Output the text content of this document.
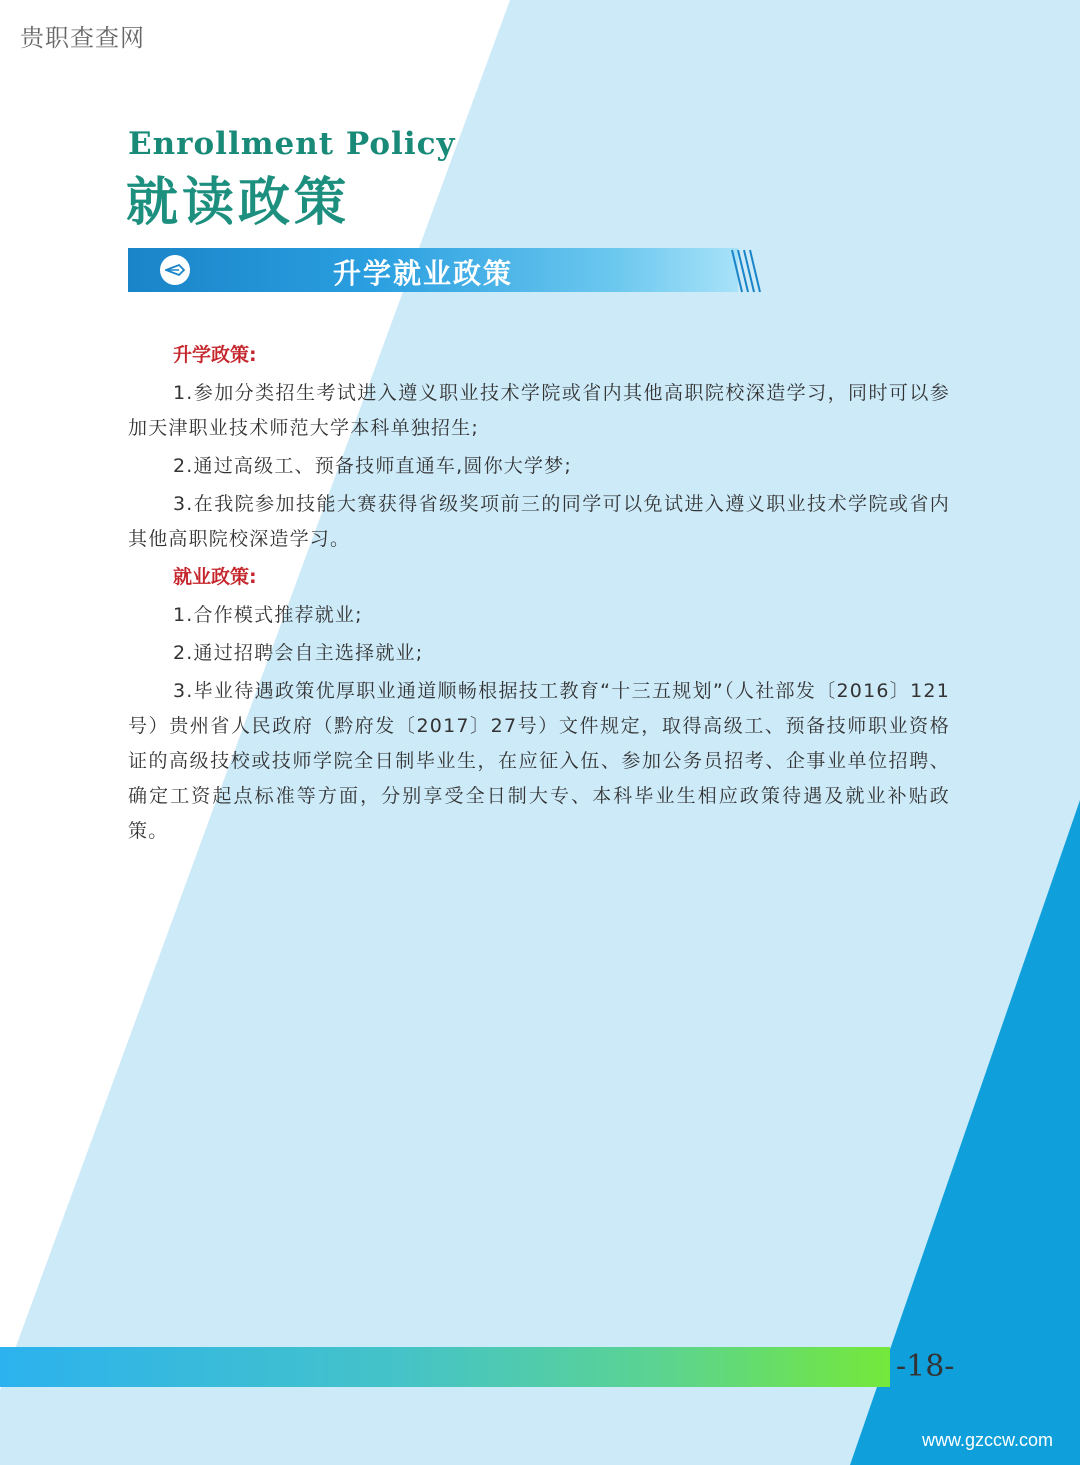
贵职查查网
Enrollment Policy
就读政策
升学就业政策
升学政策:

1.参加分类招生考试进入遵义职业技术学院或省内其他高职院校深造学习，同时可以参加天津职业技术师范大学本科单独招生;

2.通过高级工、预备技师直通车,圆你大学梦;

3.在我院参加技能大赛获得省级奖项前三的同学可以免试进入遵义职业技术学院或省内其他高职院校深造学习。

就业政策:

1.合作模式推荐就业;

2.通过招聘会自主选择就业;

3.毕业待遇政策优厚职业通道顺畅根据技工教育“十三五规划”（人社部发〔2016〕121号）贵州省人民政府（黔府发〔2017〕27号）文件规定，取得高级工、预备技师职业资格证的高级技校或技师学院全日制毕业生，在应征入伍、参加公务员招考、企事业单位招聘、确定工资起点标准等方面，分别享受全日制大专、本科毕业生相应政策待遇及就业补贴政策。

-18-
www.gzccw.com
